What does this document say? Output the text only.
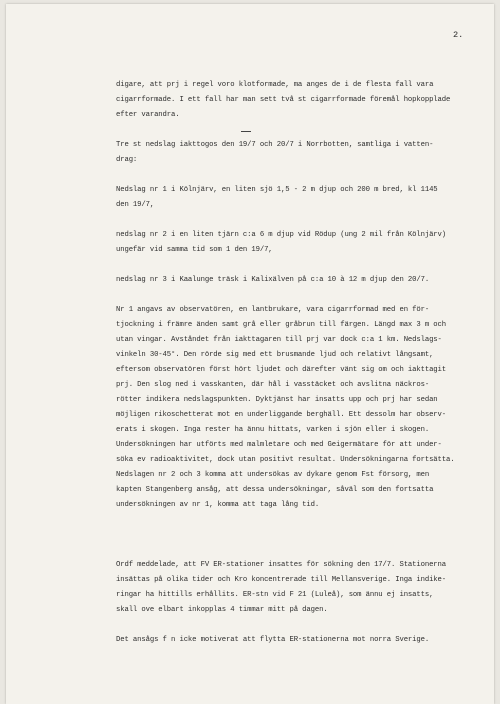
2.
digare, att prj i regel voro klotformade, ma anges de i de flesta fall vara
cigarrformade. I ett fall har man sett två st cigarrformade föremål hopkopplade
efter varandra.
Tre st nedslag iakttogos den 19/7 och 20/7 i Norrbotten, samtliga i vatten-
drag:
Nedslag nr 1 i Kölnjärv, en liten sjö 1,5 - 2 m djup och 200 m bred, kl 1145
den 19/7,
nedslag nr 2 i en liten tjärn c:a 6 m djup vid Rödup (ung 2 mil från Kölnjärv)
ungefär vid samma tid som 1 den 19/7,
nedslag nr 3 i Kaalunge träsk i Kalixälven på c:a 10 à 12 m djup den 20/7.
Nr 1 angavs av observatören, en lantbrukare, vara cigarrformad med en för-
tjockning i främre änden samt grå eller gråbrun till färgen. Längd max 3 m och
utan vingar. Avståndet från iakttagaren till prj var dock c:a 1 km. Nedslags-
vinkeln 30-45°. Den rörde sig med ett brusmande ljud och relativt långsamt,
eftersom observatören först hört ljudet och därefter vänt sig om och iakttagit
prj. Den slog ned i vasskanten, där hål i vasstäcket och avslitna näckros-
rötter indikera nedslagspunkten. Dyktjänst har insatts upp och prj har sedan
möjligen rikoschetterat mot en underliggande berghäll. Ett dessolm har observ-
erats i skogen. Inga rester ha ännu hittats, varken i sjön eller i skogen.
Undersökningen har utförts med malmletare och med Geigermätare för att under-
söka ev radioaktivitet, dock utan positivt resultat. Undersökningarna fortsätta.
Nedslagen nr 2 och 3 komma att undersökas av dykare genom Fst försorg, men
kapten Stangenberg ansåg, att dessa undersökningar, såväl som den fortsatta
undersökningen av nr 1, komma att taga lång tid.
Ordf meddelade, att FV ER-stationer insattes för sökning den 17/7. Stationerna
insättas på olika tider och Kro koncentrerade till Mellansverige. Inga indike-
ringar ha hittills erhållits. ER-stn vid F 21 (Luleå), som ännu ej insatts,
skall ove elbart inkopplas 4 timmar mitt på dagen.
Det ansågs f n icke motiverat att flytta ER-stationerna mot norra Sverige.
